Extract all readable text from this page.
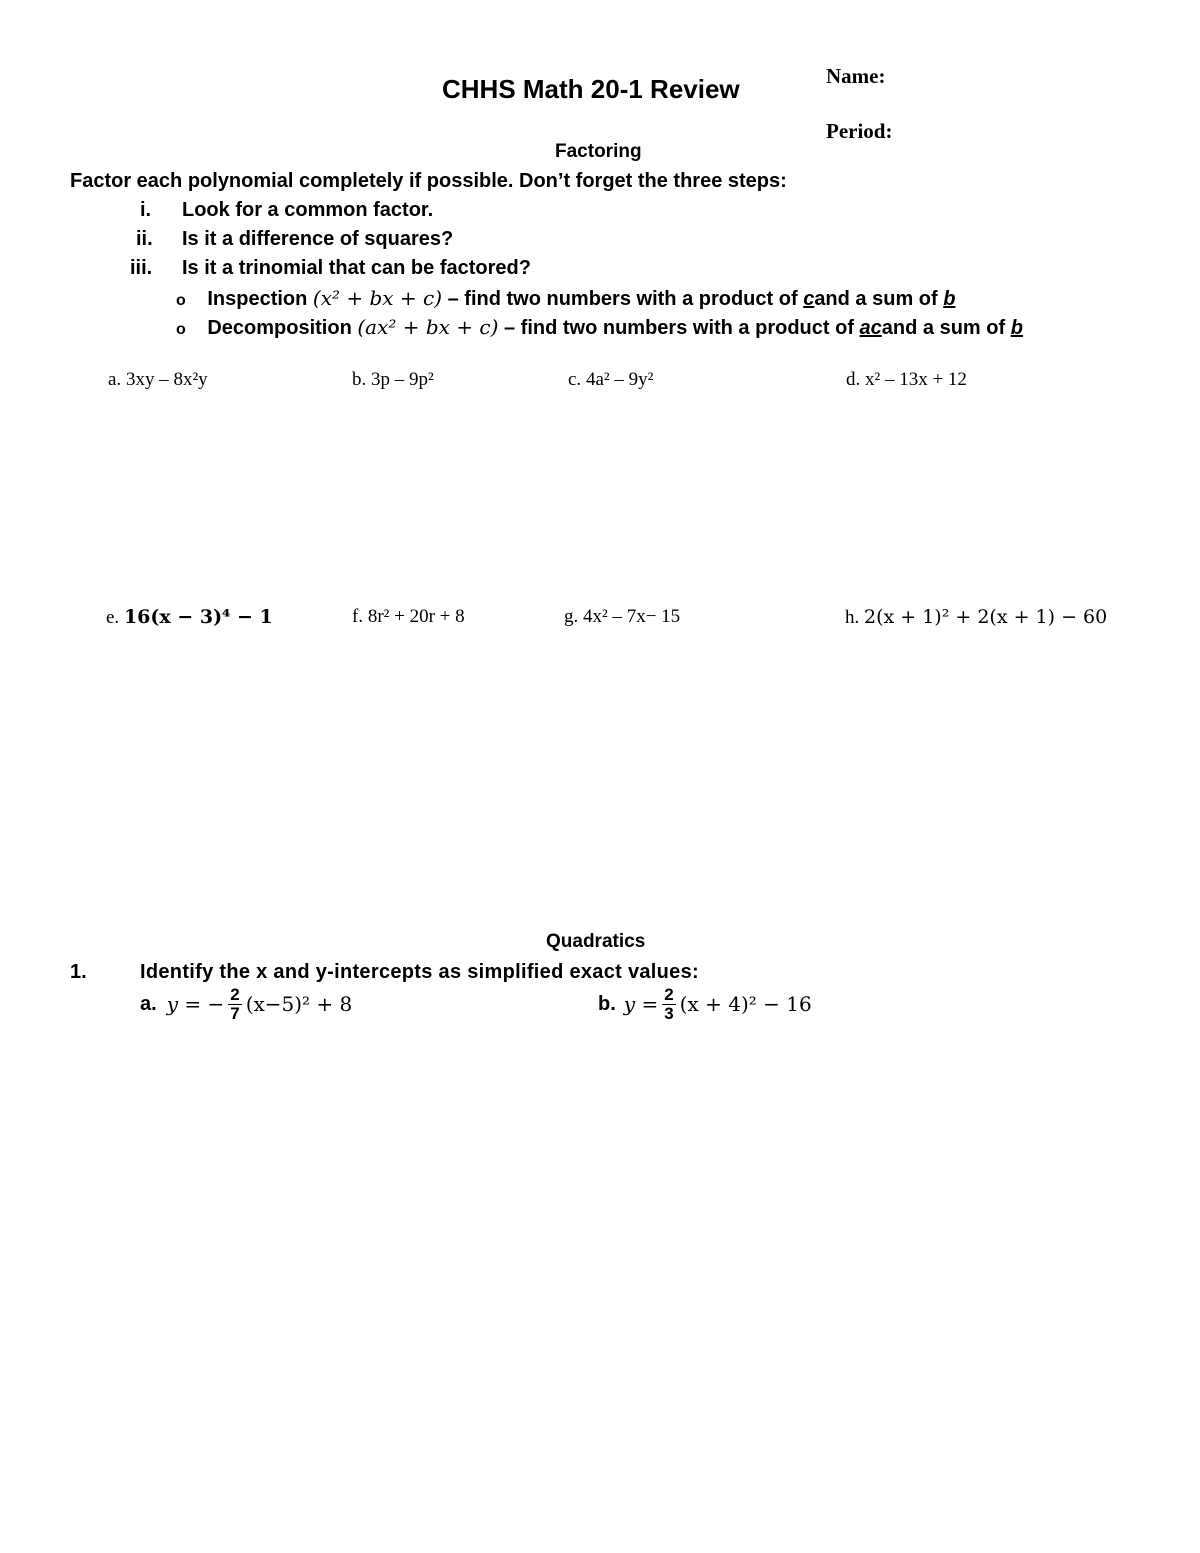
CHHS Math 20-1 Review	Name:
Period:
Factoring
Factor each polynomial completely if possible. Don’t forget the three steps:
i. Look for a common factor.
ii. Is it a difference of squares?
iii. Is it a trinomial that can be factored?
o Inspection (x² + bx + c) – find two numbers with a product of cand a sum of b
o Decomposition (ax² + bx + c) – find two numbers with a product of acand a sum of b
a. 3xy – 8x²y	b. 3p – 9p²	c. 4a² – 9y²	d. x² – 13x + 12
e. 16(x − 3)⁴ − 1	f. 8r² + 20r + 8	g. 4x² – 7x− 15	h. 2(x + 1)² + 2(x + 1) − 60
Quadratics
1.	Identify the x and y-intercepts as simplified exact values:
a. y = − $\frac{2}{7} (x-5)^2 + 8$	b. $y = \frac{2}{3} (x + 4)^2 - 16$
